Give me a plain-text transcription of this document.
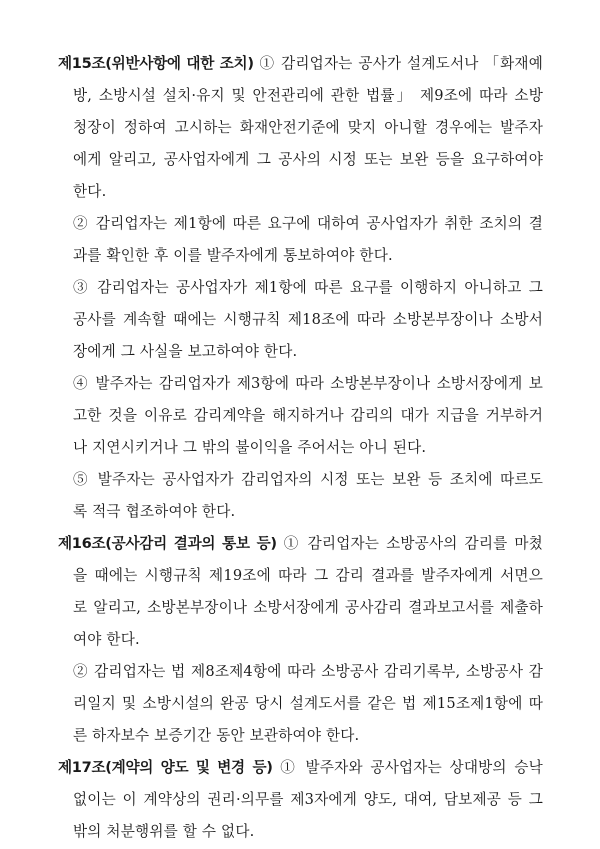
제15조(위반사항에 대한 조치) ① 감리업자는 공사가 설계도서나 「화재예
방, 소방시설 설치·유지 및 안전관리에 관한 법률」 제9조에 따라 소방
청장이 정하여 고시하는 화재안전기준에 맞지 아니할 경우에는 발주자
에게 알리고, 공사업자에게 그 공사의 시정 또는 보완 등을 요구하여야
한다.
② 감리업자는 제1항에 따른 요구에 대하여 공사업자가 취한 조치의 결
과를 확인한 후 이를 발주자에게 통보하여야 한다.
③ 감리업자는 공사업자가 제1항에 따른 요구를 이행하지 아니하고 그
공사를 계속할 때에는 시행규칙 제18조에 따라 소방본부장이나 소방서
장에게 그 사실을 보고하여야 한다.
④ 발주자는 감리업자가 제3항에 따라 소방본부장이나 소방서장에게 보
고한 것을 이유로 감리계약을 해지하거나 감리의 대가 지급을 거부하거
나 지연시키거나 그 밖의 불이익을 주어서는 아니 된다.
⑤ 발주자는 공사업자가 감리업자의 시정 또는 보완 등 조치에 따르도
록 적극 협조하여야 한다.
제16조(공사감리 결과의 통보 등) ① 감리업자는 소방공사의 감리를 마쳤
을 때에는 시행규칙 제19조에 따라 그 감리 결과를 발주자에게 서면으
로 알리고, 소방본부장이나 소방서장에게 공사감리 결과보고서를 제출하
여야 한다.
② 감리업자는 법 제8조제4항에 따라 소방공사 감리기록부, 소방공사 감
리일지 및 소방시설의 완공 당시 설계도서를 같은 법 제15조제1항에 따
른 하자보수 보증기간 동안 보관하여야 한다.
제17조(계약의 양도 및 변경 등) ① 발주자와 공사업자는 상대방의 승낙
없이는 이 계약상의 권리·의무를 제3자에게 양도, 대여, 담보제공 등 그
밖의 처분행위를 할 수 없다.
